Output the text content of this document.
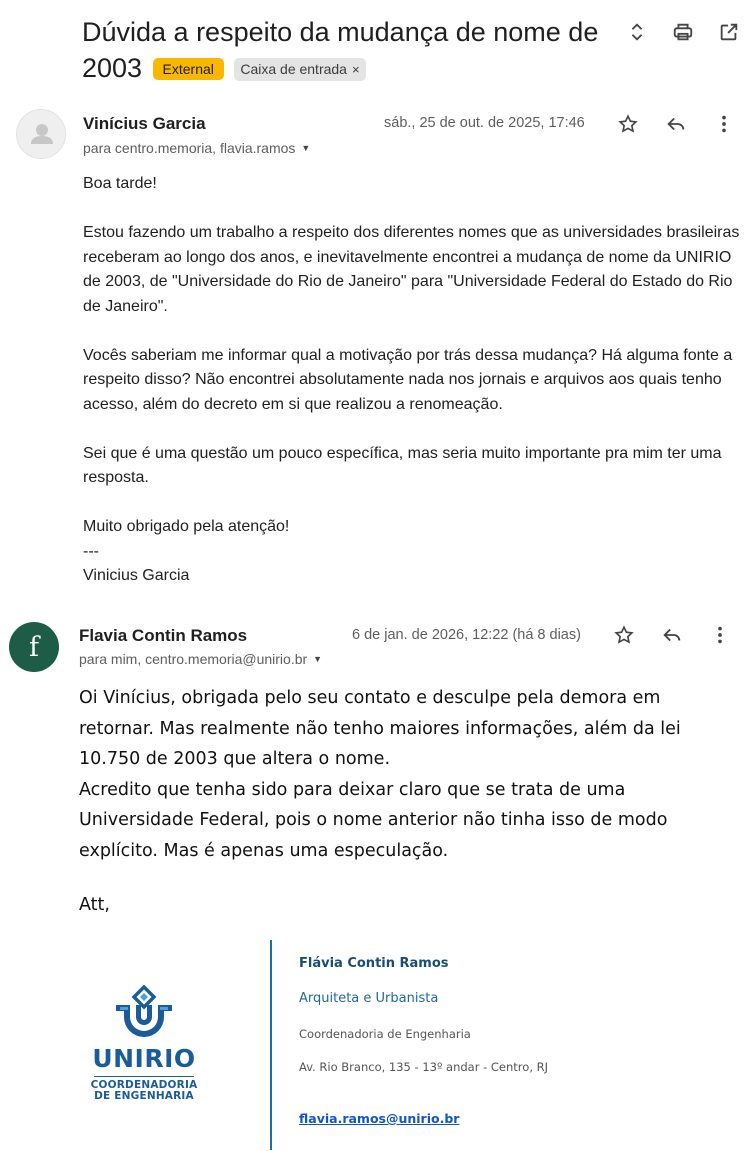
Dúvida a respeito da mudança de nome de 2003 External Caixa de entrada ×
Vinícius Garcia
para centro.memoria, flavia.ramos ▼
sáb., 25 de out. de 2025, 17:46

Boa tarde!

Estou fazendo um trabalho a respeito dos diferentes nomes que as universidades brasileiras receberam ao longo dos anos, e inevitavelmente encontrei a mudança de nome da UNIRIO de 2003, de "Universidade do Rio de Janeiro" para "Universidade Federal do Estado do Rio de Janeiro".

Vocês saberiam me informar qual a motivação por trás dessa mudança? Há alguma fonte a respeito disso? Não encontrei absolutamente nada nos jornais e arquivos aos quais tenho acesso, além do decreto em si que realizou a renomeação.

Sei que é uma questão um pouco específica, mas seria muito importante pra mim ter uma resposta.

Muito obrigado pela atenção!

---

Vinicius Garcia

f	Flavia Contin Ramos
para mim, centro.memoria@unirio.br ▼
6 de jan. de 2026, 12:22 (há 8 dias)
Oi Vinícius, obrigada pelo seu contato e desculpe pela demora em retornar. Mas realmente não tenho maiores informações, além da lei 10.750 de 2003 que altera o nome.
Acredito que tenha sido para deixar claro que se trata de uma Universidade Federal, pois o nome anterior não tinha isso de modo explícito. Mas é apenas uma especulação.
Att,
UNIRIO
COORDENADORIA
DE ENGENHARIA
Flávia Contin Ramos
Arquiteta e Urbanista
Coordenadoria de Engenharia
Av. Rio Branco, 135 - 13º andar - Centro, RJ
flavia.ramos@unirio.br
